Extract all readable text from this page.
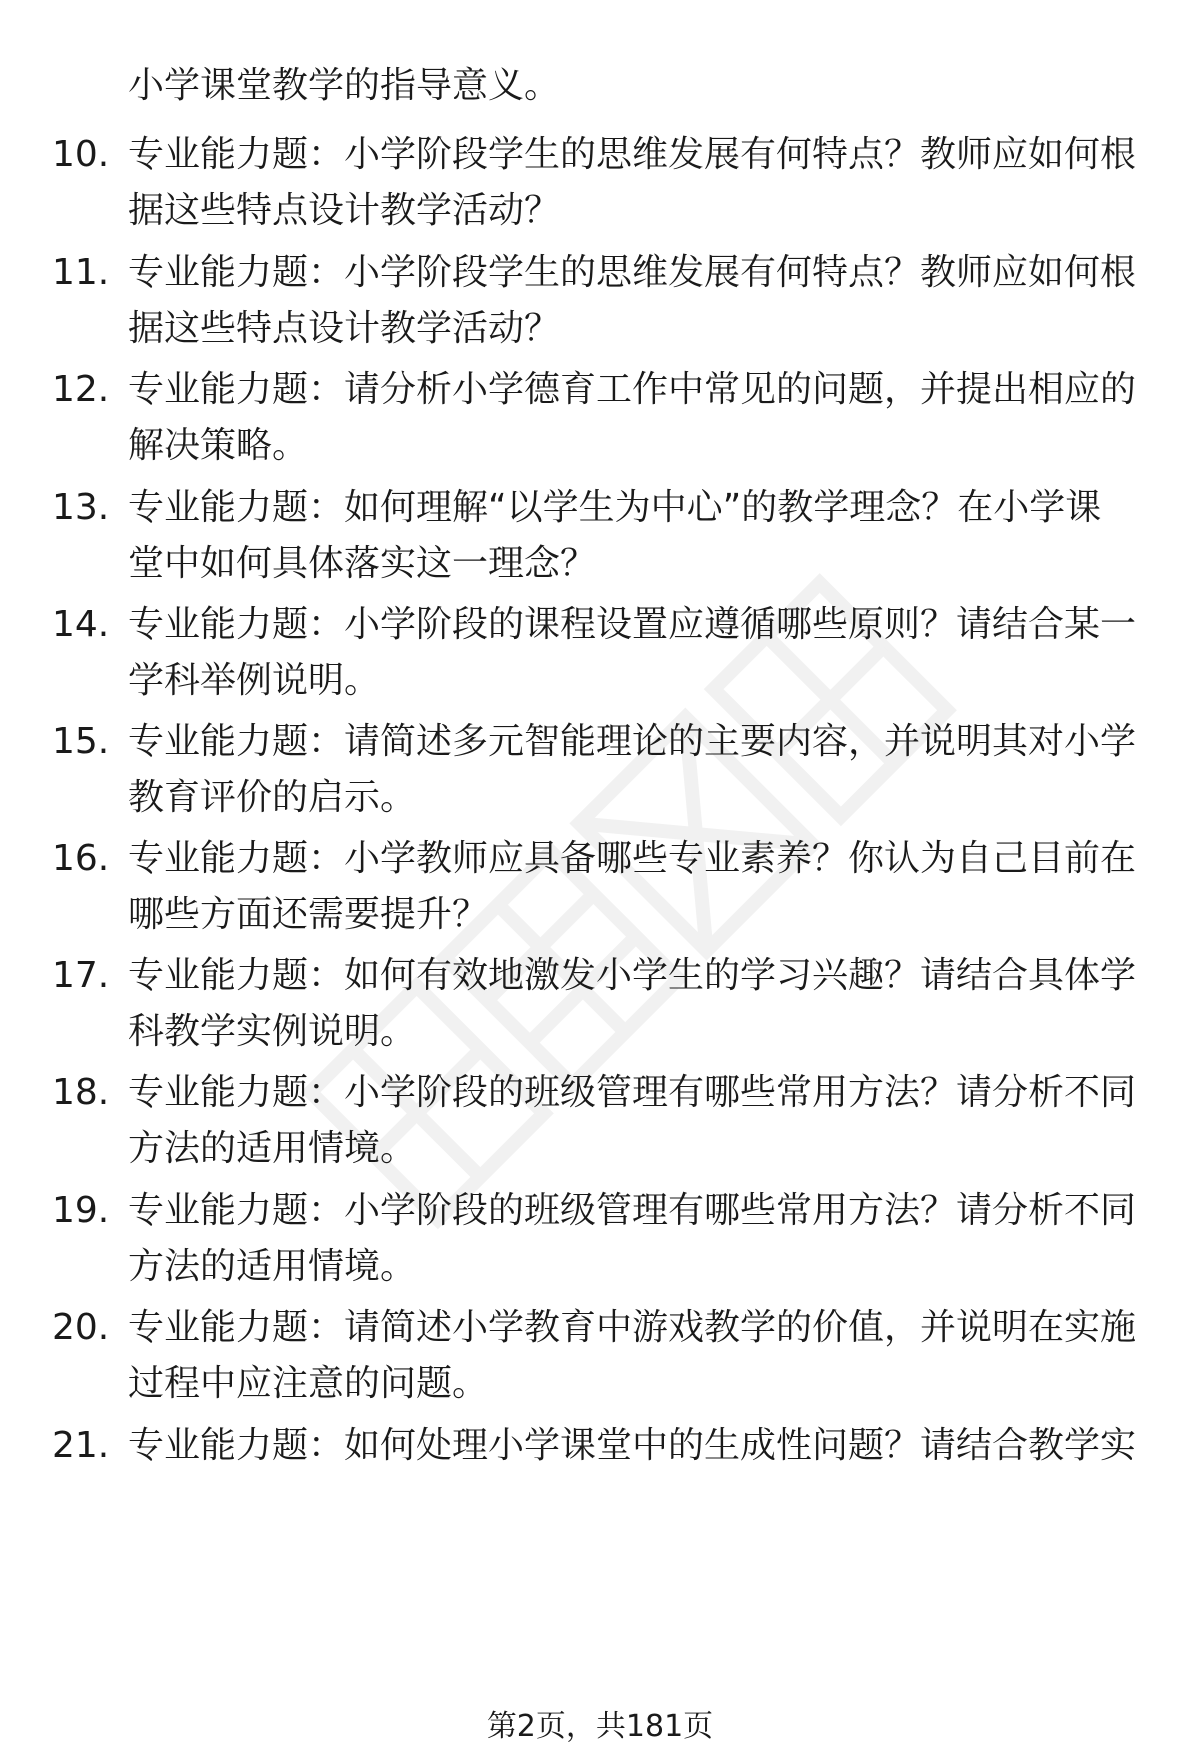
小学课堂教学的指导意义。
10. 专业能力题：小学阶段学生的思维发展有何特点？教师应如何根
据这些特点设计教学活动？
11. 专业能力题：小学阶段学生的思维发展有何特点？教师应如何根
据这些特点设计教学活动？
12. 专业能力题：请分析小学德育工作中常见的问题，并提出相应的
解决策略。
13. 专业能力题：如何理解“以学生为中心”的教学理念？在小学课
堂中如何具体落实这一理念？
14. 专业能力题：小学阶段的课程设置应遵循哪些原则？请结合某一
学科举例说明。
15. 专业能力题：请简述多元智能理论的主要内容，并说明其对小学
教育评价的启示。
16. 专业能力题：小学教师应具备哪些专业素养？你认为自己目前在
哪些方面还需要提升？
17. 专业能力题：如何有效地激发小学生的学习兴趣？请结合具体学
科教学实例说明。
18. 专业能力题：小学阶段的班级管理有哪些常用方法？请分析不同
方法的适用情境。
19. 专业能力题：小学阶段的班级管理有哪些常用方法？请分析不同
方法的适用情境。
20. 专业能力题：请简述小学教育中游戏教学的价值，并说明在实施
过程中应注意的问题。
21. 专业能力题：如何处理小学课堂中的生成性问题？请结合教学实
第2页，共181页
